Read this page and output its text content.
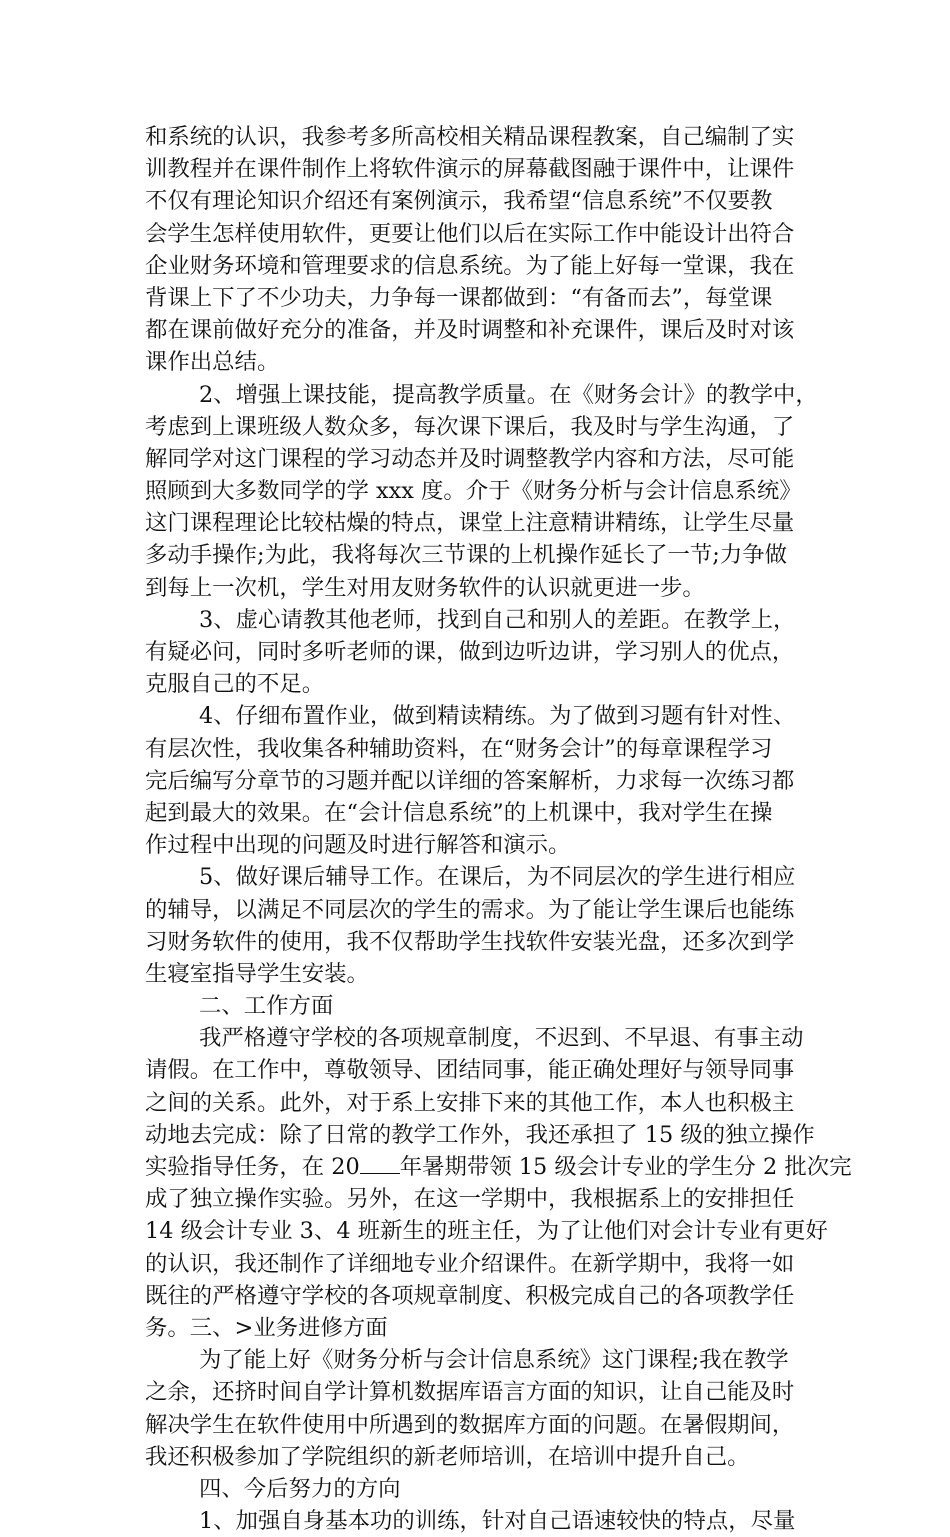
和系统的认识，我参考多所高校相关精品课程教案，自己编制了实
训教程并在课件制作上将软件演示的屏幕截图融于课件中，让课件
不仅有理论知识介绍还有案例演示，我希望“信息系统”不仅要教
会学生怎样使用软件，更要让他们以后在实际工作中能设计出符合
企业财务环境和管理要求的信息系统。为了能上好每一堂课，我在
背课上下了不少功夫，力争每一课都做到：“有备而去”，每堂课
都在课前做好充分的准备，并及时调整和补充课件，课后及时对该
课作出总结。
2、增强上课技能，提高教学质量。在《财务会计》的教学中，
考虑到上课班级人数众多，每次课下课后，我及时与学生沟通，了
解同学对这门课程的学习动态并及时调整教学内容和方法，尽可能
照顾到大多数同学的学 xxx 度。介于《财务分析与会计信息系统》
这门课程理论比较枯燥的特点，课堂上注意精讲精练，让学生尽量
多动手操作;为此，我将每次三节课的上机操作延长了一节;力争做
到每上一次机，学生对用友财务软件的认识就更进一步。
3、虚心请教其他老师，找到自己和别人的差距。在教学上，
有疑必问，同时多听老师的课，做到边听边讲，学习别人的优点，
克服自己的不足。
4、仔细布置作业，做到精读精练。为了做到习题有针对性、
有层次性，我收集各种辅助资料，在“财务会计”的每章课程学习
完后编写分章节的习题并配以详细的答案解析，力求每一次练习都
起到最大的效果。在“会计信息系统”的上机课中，我对学生在操
作过程中出现的问题及时进行解答和演示。
5、做好课后辅导工作。在课后，为不同层次的学生进行相应
的辅导，以满足不同层次的学生的需求。为了能让学生课后也能练
习财务软件的使用，我不仅帮助学生找软件安装光盘，还多次到学
生寝室指导学生安装。
二、工作方面
我严格遵守学校的各项规章制度，不迟到、不早退、有事主动
请假。在工作中，尊敬领导、团结同事，能正确处理好与领导同事
之间的关系。此外，对于系上安排下来的其他工作，本人也积极主
动地去完成：除了日常的教学工作外，我还承担了 15 级的独立操作
实验指导任务，在 20 年暑期带领 15 级会计专业的学生分 2 批次完
成了独立操作实验。另外，在这一学期中，我根据系上的安排担任
14 级会计专业 3、4 班新生的班主任，为了让他们对会计专业有更好
的认识，我还制作了详细地专业介绍课件。在新学期中，我将一如
既往的严格遵守学校的各项规章制度、积极完成自己的各项教学任
务。三、>业务进修方面
为了能上好《财务分析与会计信息系统》这门课程;我在教学
之余，还挤时间自学计算机数据库语言方面的知识，让自己能及时
解决学生在软件使用中所遇到的数据库方面的问题。在暑假期间，
我还积极参加了学院组织的新老师培训，在培训中提升自己。
四、今后努力的方向
1、加强自身基本功的训练，针对自己语速较快的特点，尽量
